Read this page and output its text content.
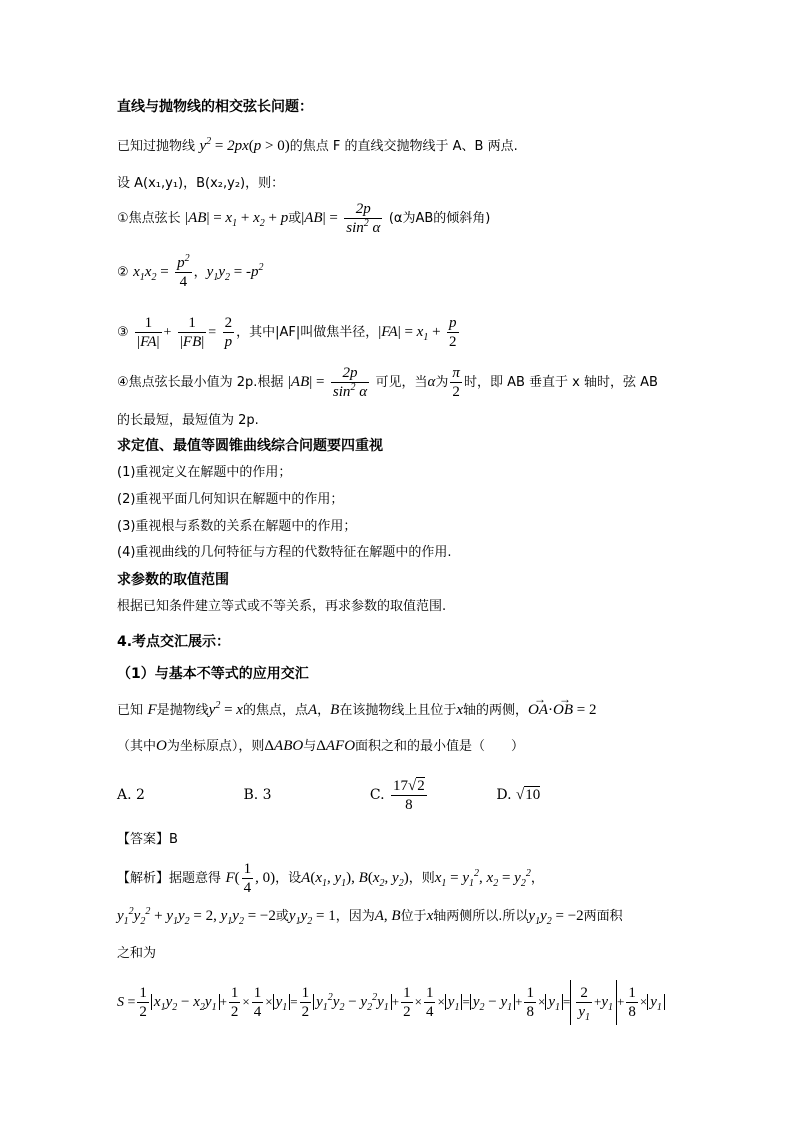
直线与抛物线的相交弦长问题：
已知过抛物线 $y^2 = 2px(p > 0)$的焦点 F 的直线交抛物线于 A、B 两点.
设 A(x₁,y₁)，B(x₂,y₂)，则：
①焦点弦长 $|AB| = x_1 + x_2 + p$或$|AB| = \frac{2p}{\sin^2 \alpha} (\alpha$为AB的倾斜角)
② $x_1x_2 = \frac{p^2}{4}$ ，$y_1y_2 = -p^2$
③ $\frac{1}{|FA|} + \frac{1}{|FB|} = \frac{2}{p}$ ，其中|AF|叫做焦半径，$|FA| = x_1 + \frac{p}{2}$
④焦点弦长最小值为 2p.根据 $|AB| = \frac{2p}{\sin^2 \alpha}$ 可见，当α为 $\frac{\pi}{2}$ 时，即 AB 垂直于 x 轴时，弦 AB
的长最短，最短值为 2p.
求定值、最值等圆锥曲线综合问题要四重视
(1)重视定义在解题中的作用；
(2)重视平面几何知识在解题中的作用；
(3)重视根与系数的关系在解题中的作用；
(4)重视曲线的几何特征与方程的代数特征在解题中的作用.
求参数的取值范围
根据已知条件建立等式或不等关系，再求参数的取值范围.
4.考点交汇展示：
（1）与基本不等式的应用交汇
已知 F是抛物线$y^2 = x$的焦点，点A，B在该抛物线上且位于x轴的两侧，→ OA·→ OB = 2
（其中O为坐标原点），则ΔABO与ΔAFO面积之和的最小值是（　　）
A. 2	B. 3	C. $\frac{17√2}{8}$	D. √10
【答案】B
【解析】据题意得 $F( \frac{1}{4}$ , 0)，设$A(x_1$, $y_1$), $B(x_2$, $y_2$)，则$x_1 = y_1^2$, $x_2 = y_2^2$，
$y_1^2y_2^2 + y_1y_2 = 2$, $y_1y_2 = -2$或$y_1y_2 = 1$，因为A, B位于x轴两侧所以.所以$y_1y_2 = -2$两面积
之和为
$S = \frac{1}{2} x_1y_2 - x_2y_1 + \frac{1}{2} \times \frac{1}{4} \times y_1 = \frac{1}{2} y_1^2y_2 - y_2^2y_1 + \frac{1}{2} \times \frac{1}{4} \times y_1 = y_2 - y_1 + \frac{1}{8} \times y_1 = \frac{2}{y_1} +y_1 + \frac{1}{8} \times y_1$
